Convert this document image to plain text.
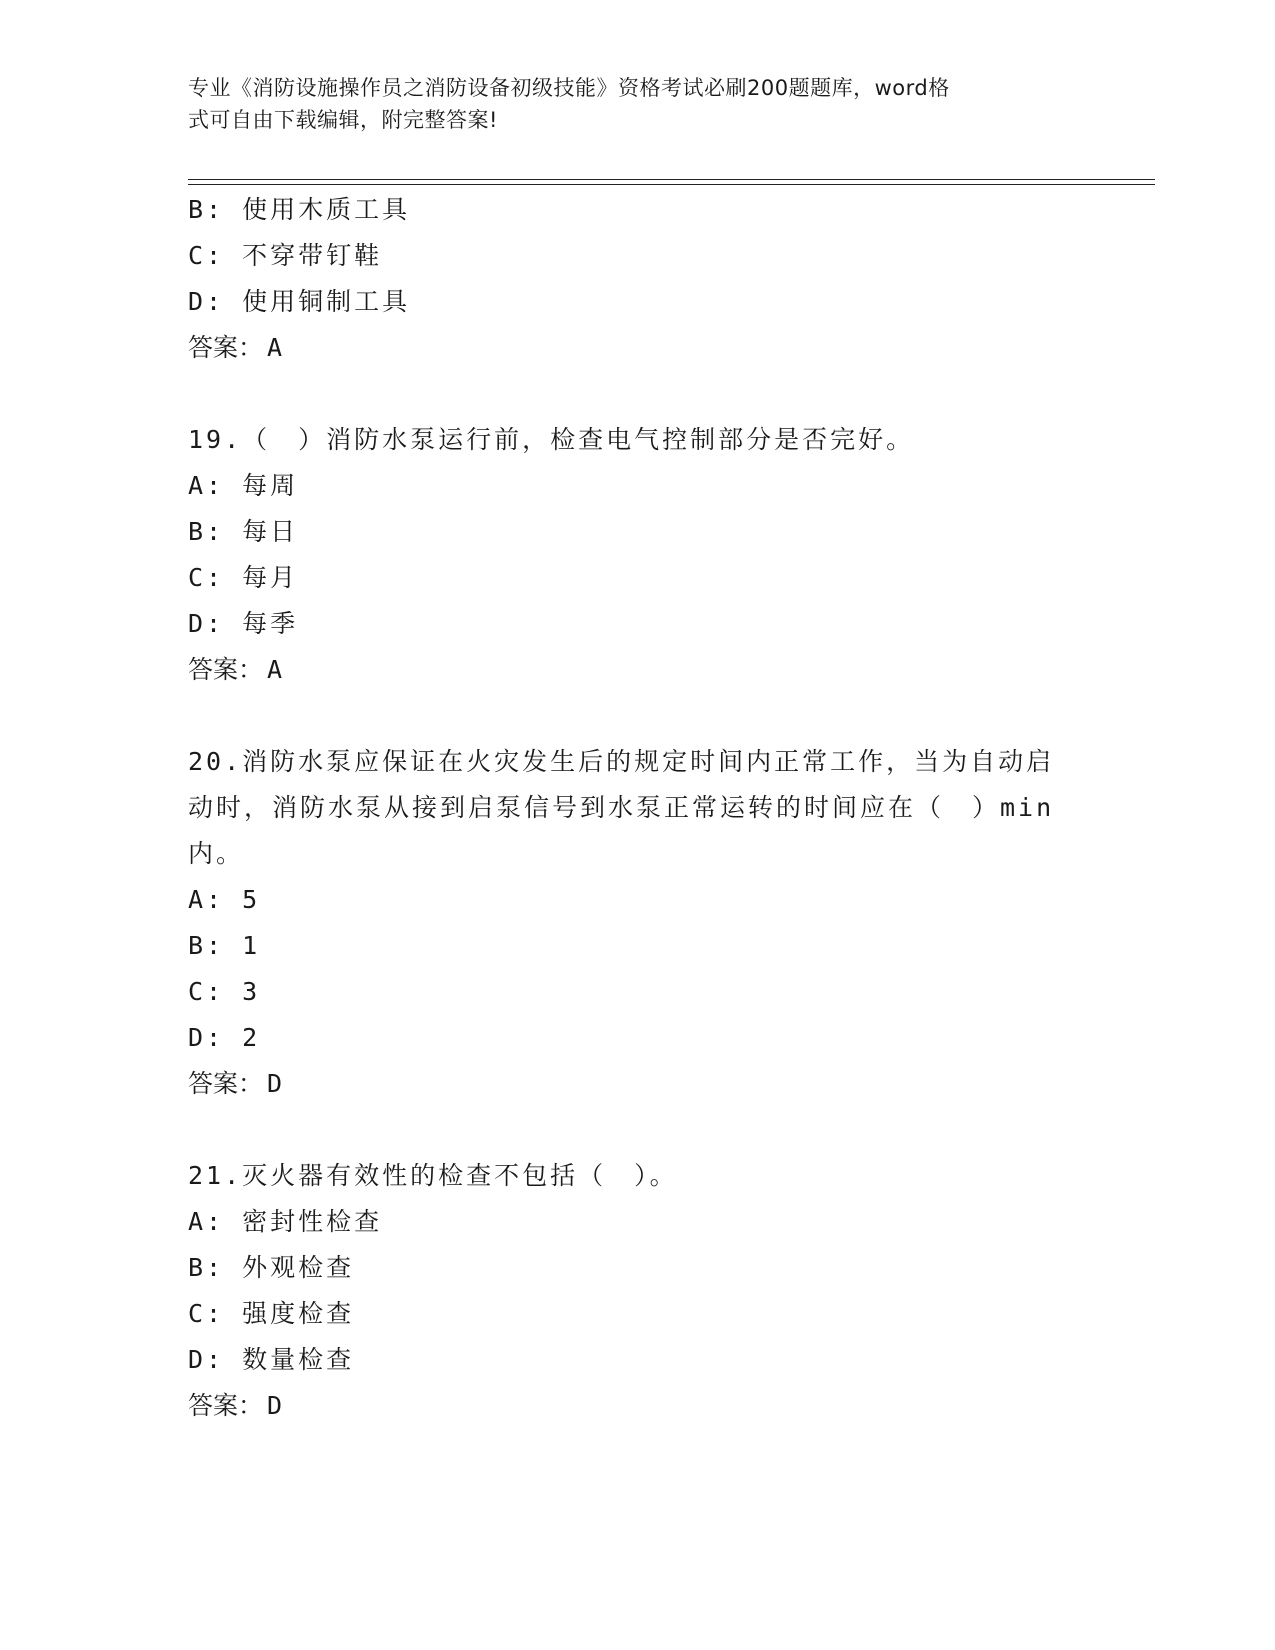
专业《消防设施操作员之消防设备初级技能》资格考试必刷200题题库，word格
式可自由下载编辑，附完整答案!
B: 使用木质工具
C: 不穿带钉鞋
D: 使用铜制工具
答案： A
19.（　）消防水泵运行前，检查电气控制部分是否完好。
A: 每周
B: 每日
C: 每月
D: 每季
答案： A
20.消防水泵应保证在火灾发生后的规定时间内正常工作，当为自动启
动时，消防水泵从接到启泵信号到水泵正常运转的时间应在（　）min
内。
A: 5
B: 1
C: 3
D: 2
答案： D
21.灭火器有效性的检查不包括（　）。
A: 密封性检查
B: 外观检查
C: 强度检查
D: 数量检查
答案： D
